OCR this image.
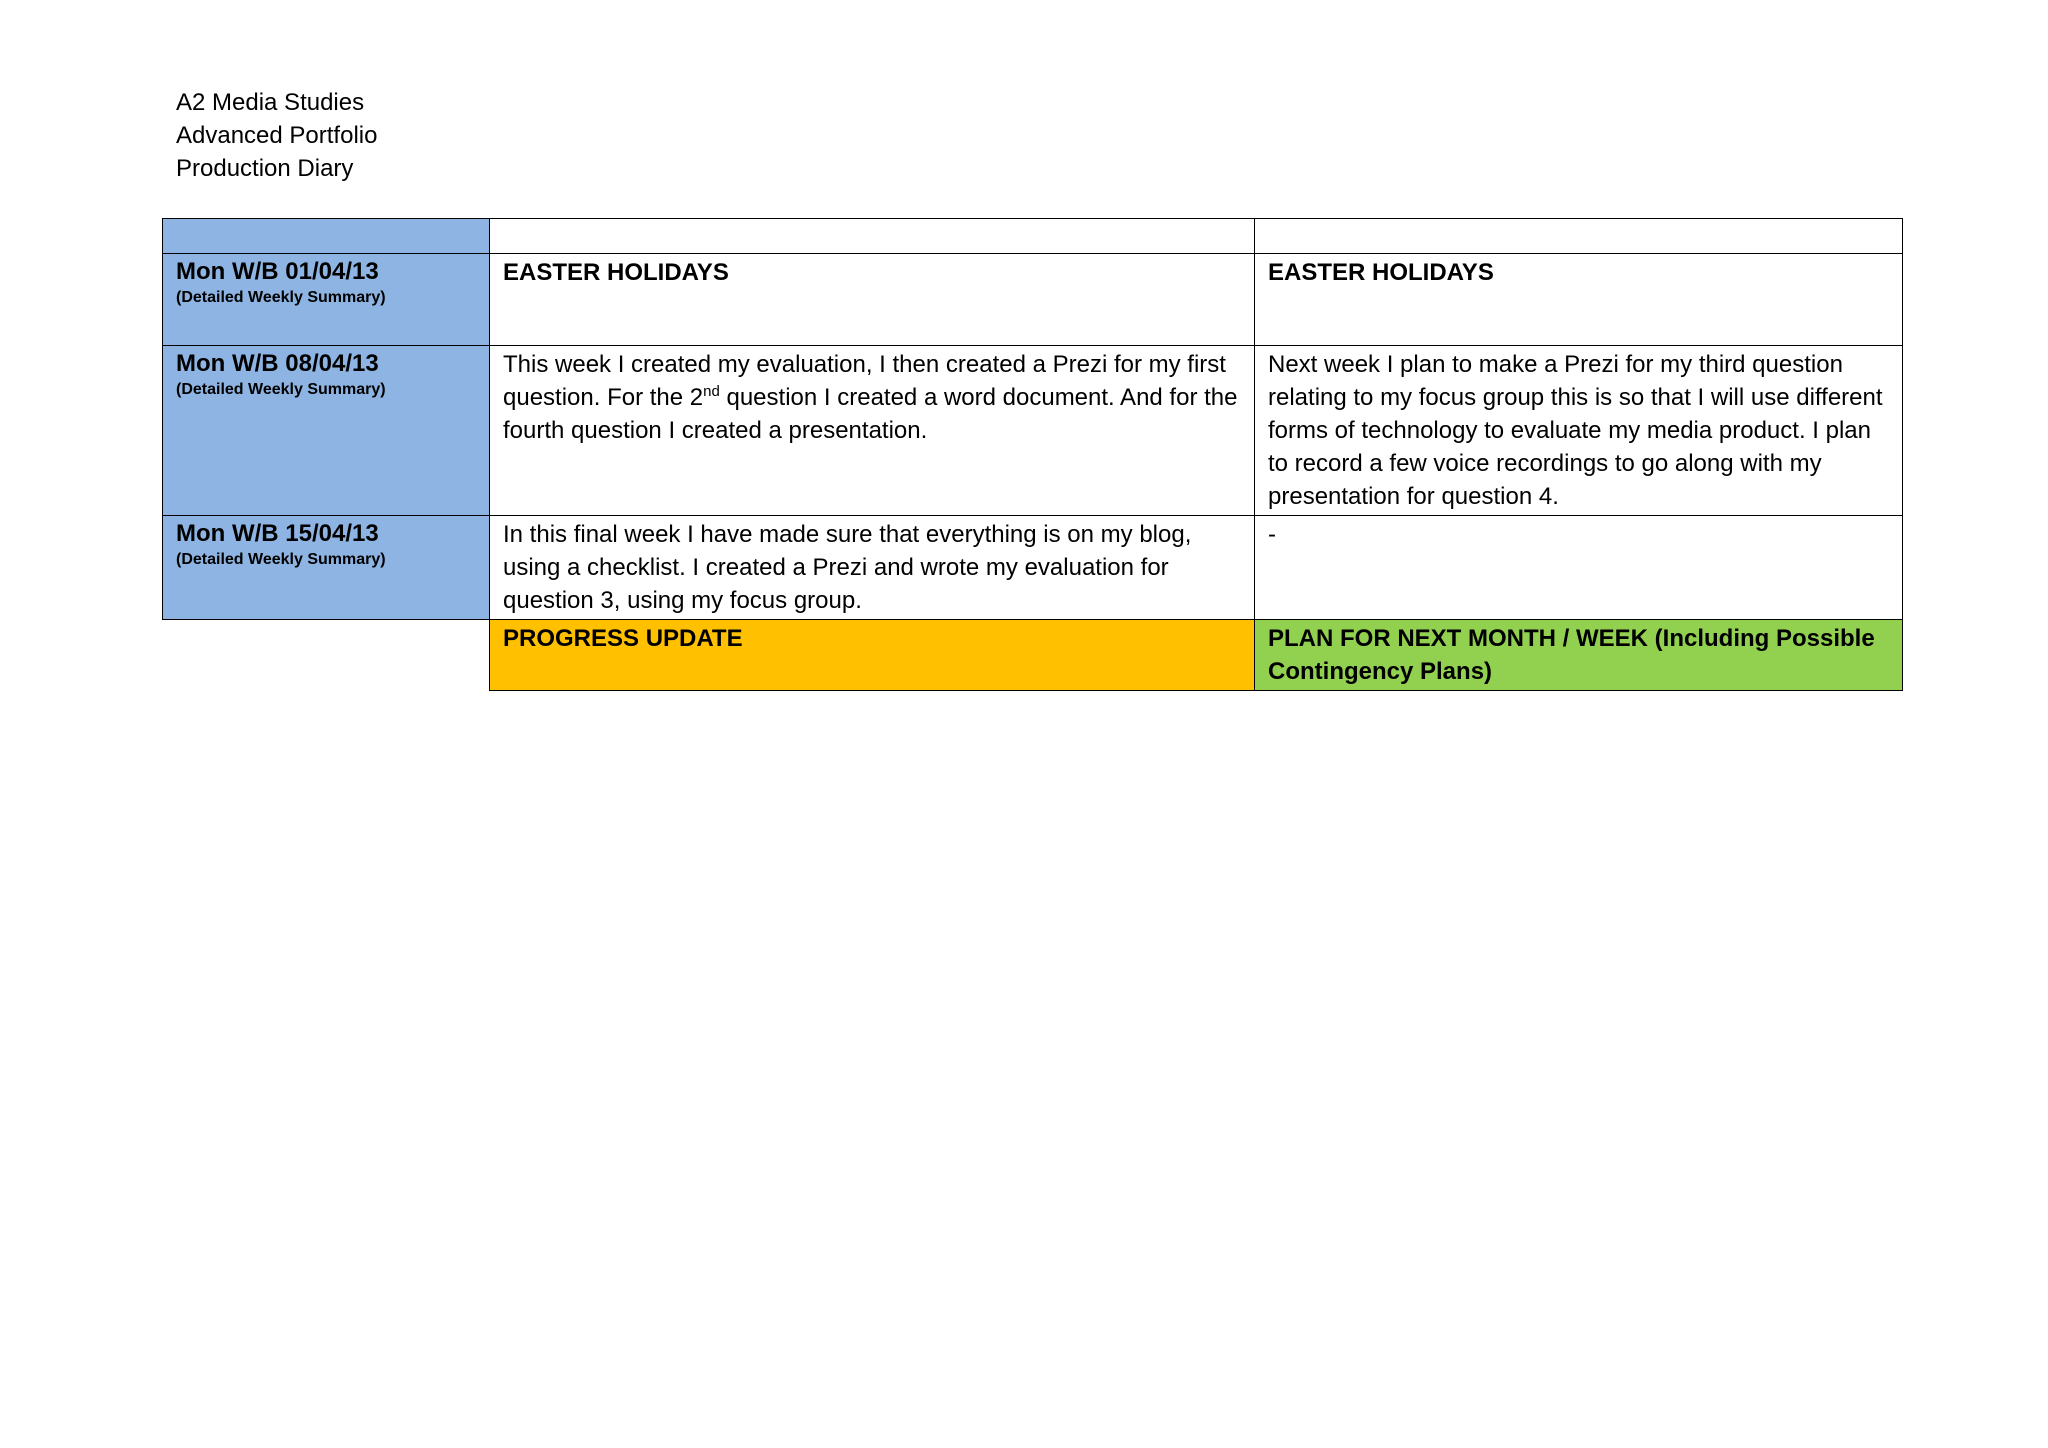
A2 Media Studies
Advanced Portfolio
Production Diary

Mon W/B 01/04/13
(Detailed Weekly Summary)	EASTER HOLIDAYS	EASTER HOLIDAYS

Mon W/B 08/04/13
(Detailed Weekly Summary)	This week I created my evaluation, I then created a Prezi for my first question. For the 2nd question I created a word document. And for the fourth question I created a presentation.	Next week I plan to make a Prezi for my third question relating to my focus group this is so that I will use different forms of technology to evaluate my media product. I plan to record a few voice recordings to go along with my presentation for question 4.

Mon W/B 15/04/13
(Detailed Weekly Summary)	In this final week I have made sure that everything is on my blog, using a checklist. I created a Prezi and wrote my evaluation for question 3, using my focus group.	-
	PROGRESS UPDATE	PLAN FOR NEXT MONTH / WEEK (Including Possible Contingency Plans)
